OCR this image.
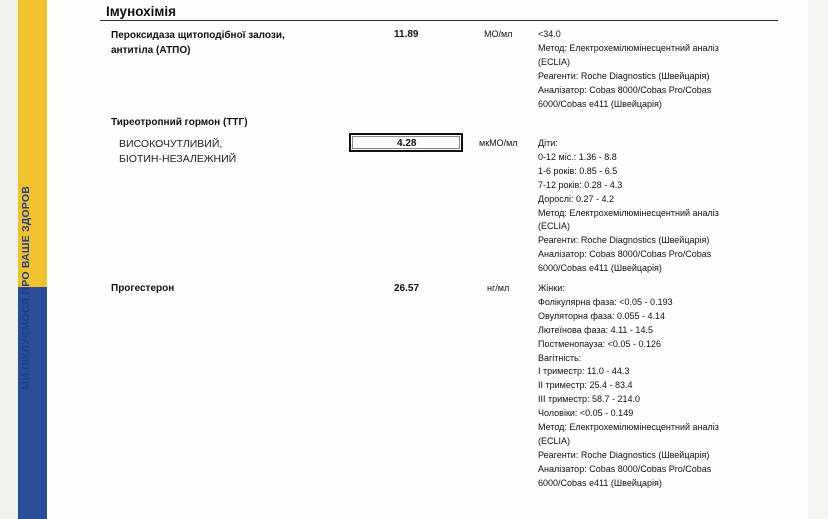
МИ ПІКЛУЄМОСЯ ПРО ВАШЕ ЗДОРОВ
Імунохімія
Пероксидаза щитоподібної залози,
антитіла (АТПО)
11.89	МО/мл	<34.0
Метод: Електрохемілюмінесцентний аналіз
(ECLIA)
Реагенти: Roche Diagnostics (Швейцарія)
Аналізатор: Cobas 8000/Cobas Pro/Cobas
6000/Cobas e411 (Швейцарія)
Тиреотропний гормон (ТТГ)
ВИСОКОЧУТЛИВИЙ,
БІОТИН-НЕЗАЛЕЖНИЙ
4.28	мкМО/мл Діти:
0-12 міс.: 1.36 - 8.8
1-6 років: 0.85 - 6.5
7-12 років: 0.28 - 4.3
Дорослі: 0.27 - 4.2
Метод: Електрохемілюмінесцентний аналіз
(ECLIA)
Реагенти: Roche Diagnostics (Швейцарія)
Аналізатор: Cobas 8000/Cobas Pro/Cobas
6000/Cobas e411 (Швейцарія)
Прогестерон	26.57	нг/мл	Жінки:
Фолікулярна фаза: <0.05 - 0.193
Овуляторна фаза: 0.055 - 4.14
Лютеїнова фаза: 4.11 - 14.5
Постменопауза: <0.05 - 0.126
Вагітність:
I триместр: 11.0 - 44.3
II триместр: 25.4 - 83.4
III триместр: 58.7 - 214.0
Чоловіки: <0.05 - 0.149
Метод: Електрохемілюмінесцентний аналіз
(ECLIA)
Реагенти: Roche Diagnostics (Швейцарія)
Аналізатор: Cobas 8000/Cobas Pro/Cobas
6000/Cobas e411 (Швейцарія)
